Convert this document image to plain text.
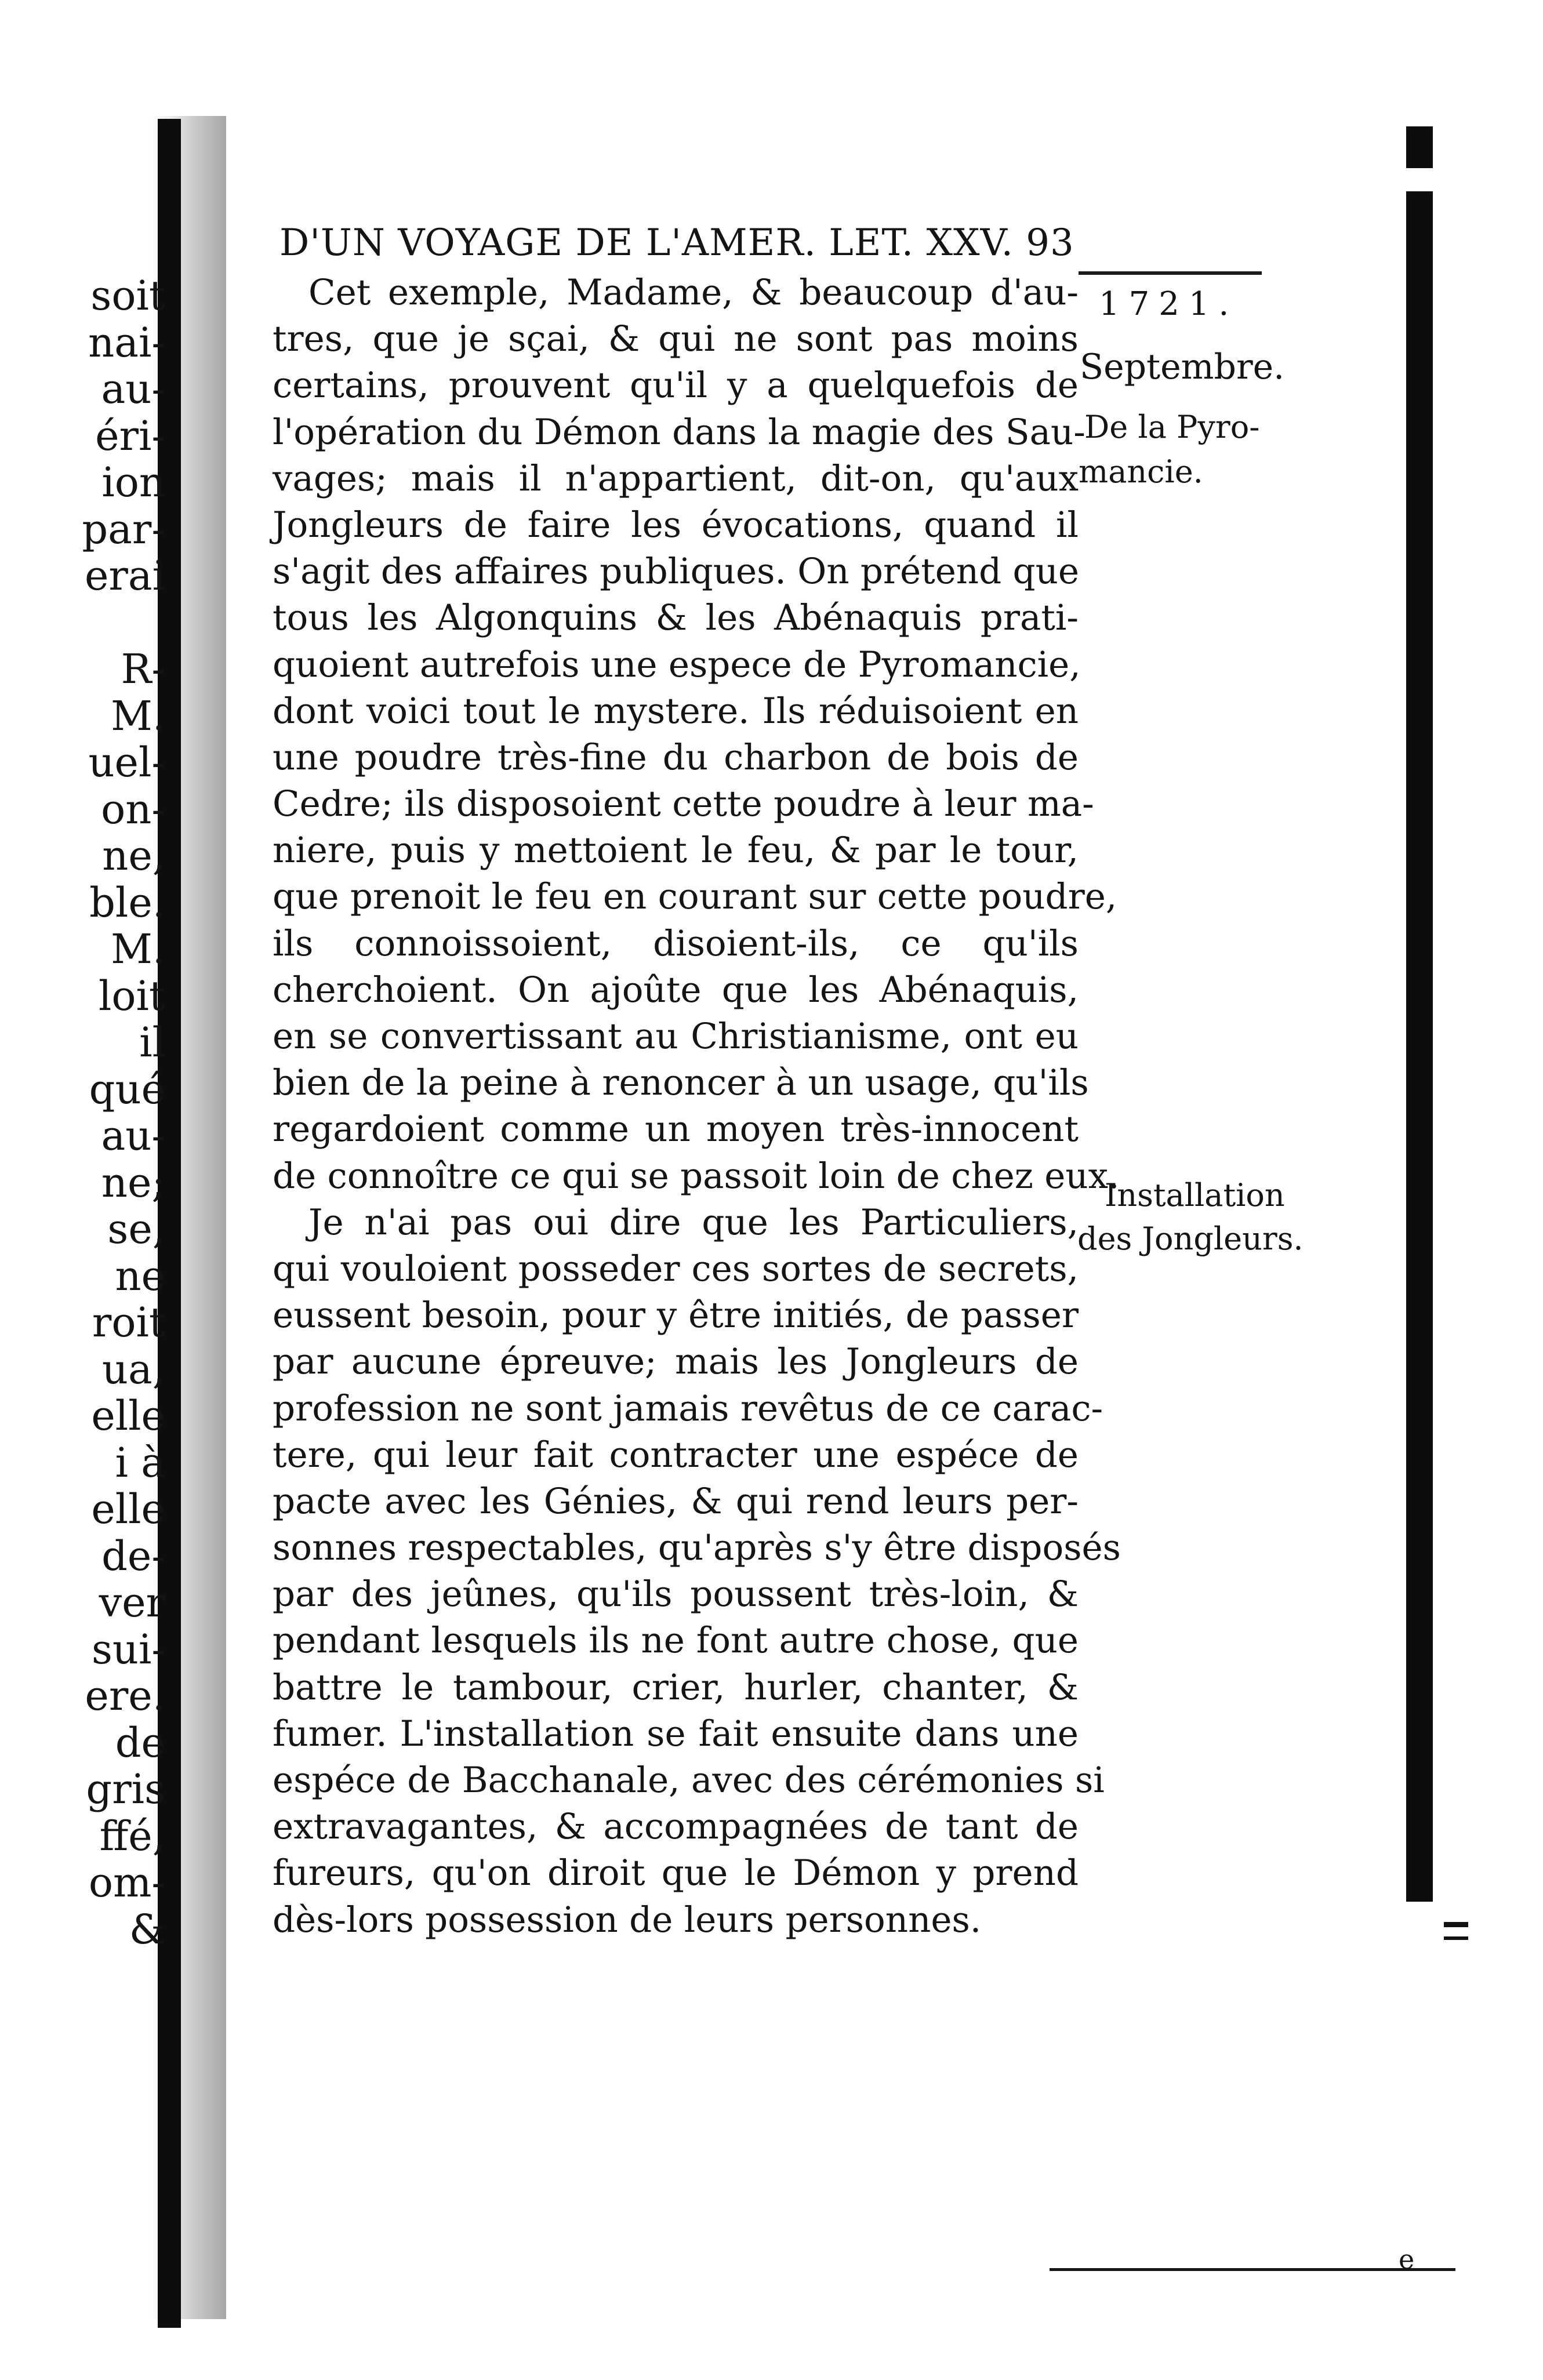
soit
nai-
au-
éri-
ion
par-
erai
R-
M.
uel-
on-
ne,
ble.
M.
loit
il
qué
au-
ne;
se,
ne
roit
ua,
elle
i à
elle
de-
ver
sui-
ere.
de
gris
ffé,
om-
&
D'UN VOYAGE DE L'AMER. LET. XXV. 93
1721.
Septembre.
De la Pyro-
mancie.
Installation
des Jongleurs.
Cet exemple, Madame, & beaucoup d'au-
tres, que je sçai, & qui ne sont pas moins
certains, prouvent qu'il y a quelquefois de
l'opération du Démon dans la magie des Sau-
vages; mais il n'appartient, dit-on, qu'aux
Jongleurs de faire les évocations, quand il
s'agit des affaires publiques. On prétend que
tous les Algonquins & les Abénaquis prati-
quoient autrefois une espece de Pyromancie,
dont voici tout le mystere. Ils réduisoient en
une poudre très-fine du charbon de bois de
Cedre; ils disposoient cette poudre à leur ma-
niere, puis y mettoient le feu, & par le tour,
que prenoit le feu en courant sur cette poudre,
ils connoissoient, disoient-ils, ce qu'ils
cherchoient. On ajoûte que les Abénaquis,
en se convertissant au Christianisme, ont eu
bien de la peine à renoncer à un usage, qu'ils
regardoient comme un moyen très-innocent
de connoître ce qui se passoit loin de chez eux.
Je n'ai pas oui dire que les Particuliers,
qui vouloient posseder ces sortes de secrets,
eussent besoin, pour y être initiés, de passer
par aucune épreuve; mais les Jongleurs de
profession ne sont jamais revêtus de ce carac-
tere, qui leur fait contracter une espéce de
pacte avec les Génies, & qui rend leurs per-
sonnes respectables, qu'après s'y être disposés
par des jeûnes, qu'ils poussent très-loin, &
pendant lesquels ils ne font autre chose, que
battre le tambour, crier, hurler, chanter, &
fumer. L'installation se fait ensuite dans une
espéce de Bacchanale, avec des cérémonies si
extravagantes, & accompagnées de tant de
fureurs, qu'on diroit que le Démon y prend
dès-lors possession de leurs personnes.
e
